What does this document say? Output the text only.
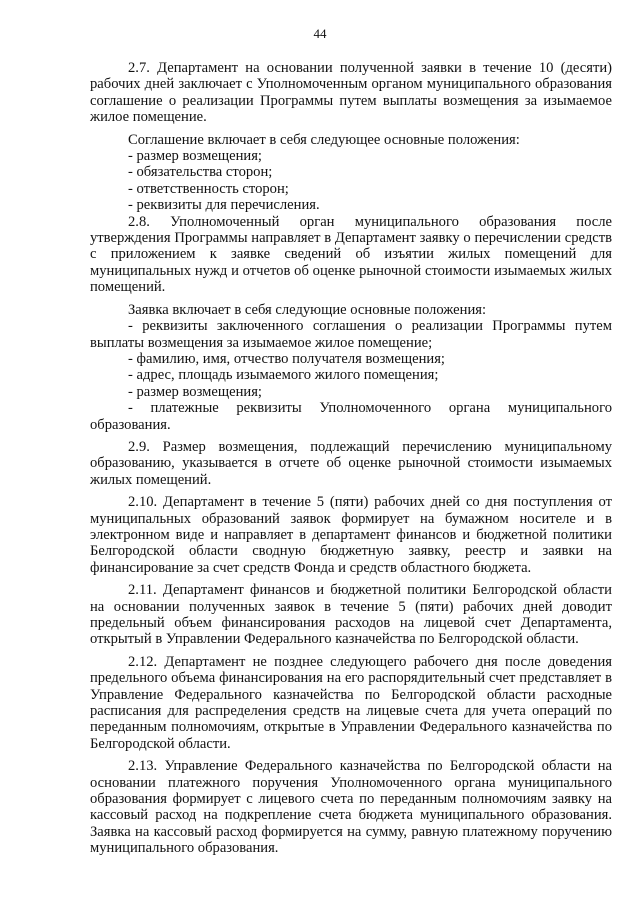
44

2.7. Департамент на основании полученной заявки в течение 10 (десяти) рабочих дней заключает с Уполномоченным органом муниципального образования соглашение о реализации Программы путем выплаты возмещения за изымаемое жилое помещение.

Соглашение включает в себя следующее основные положения:

- размер возмещения;

- обязательства сторон;

- ответственность сторон;

- реквизиты для перечисления.

2.8. Уполномоченный орган муниципального образования после утверждения Программы направляет в Департамент заявку о перечислении средств с приложением к заявке сведений об изъятии жилых помещений для муниципальных нужд и отчетов об оценке рыночной стоимости изымаемых жилых помещений.

Заявка включает в себя следующие основные положения:

- реквизиты заключенного соглашения о реализации Программы путем выплаты возмещения за изымаемое жилое помещение;

- фамилию, имя, отчество получателя возмещения;

- адрес, площадь изымаемого жилого помещения;

- размер возмещения;

- платежные реквизиты Уполномоченного органа муниципального образования.

2.9. Размер возмещения, подлежащий перечислению муниципальному образованию, указывается в отчете об оценке рыночной стоимости изымаемых жилых помещений.

2.10. Департамент в течение 5 (пяти) рабочих дней со дня поступления от муниципальных образований заявок формирует на бумажном носителе и в электронном виде и направляет в департамент финансов и бюджетной политики Белгородской области сводную бюджетную заявку, реестр и заявки на финансирование за счет средств Фонда и средств областного бюджета.

2.11. Департамент финансов и бюджетной политики Белгородской области на основании полученных заявок в течение 5 (пяти) рабочих дней доводит предельный объем финансирования расходов на лицевой счет Департамента, открытый в Управлении Федерального казначейства по Белгородской области.

2.12. Департамент не позднее следующего рабочего дня после доведения предельного объема финансирования на его распорядительный счет представляет в Управление Федерального казначейства по Белгородской области расходные расписания для распределения средств на лицевые счета для учета операций по переданным полномочиям, открытые в Управлении Федерального казначейства по Белгородской области.

2.13. Управление Федерального казначейства по Белгородской области на основании платежного поручения Уполномоченного органа муниципального образования формирует с лицевого счета по переданным полномочиям заявку на кассовый расход на подкрепление счета бюджета муниципального образования. Заявка на кассовый расход формируется на сумму, равную платежному поручению муниципального образования.
